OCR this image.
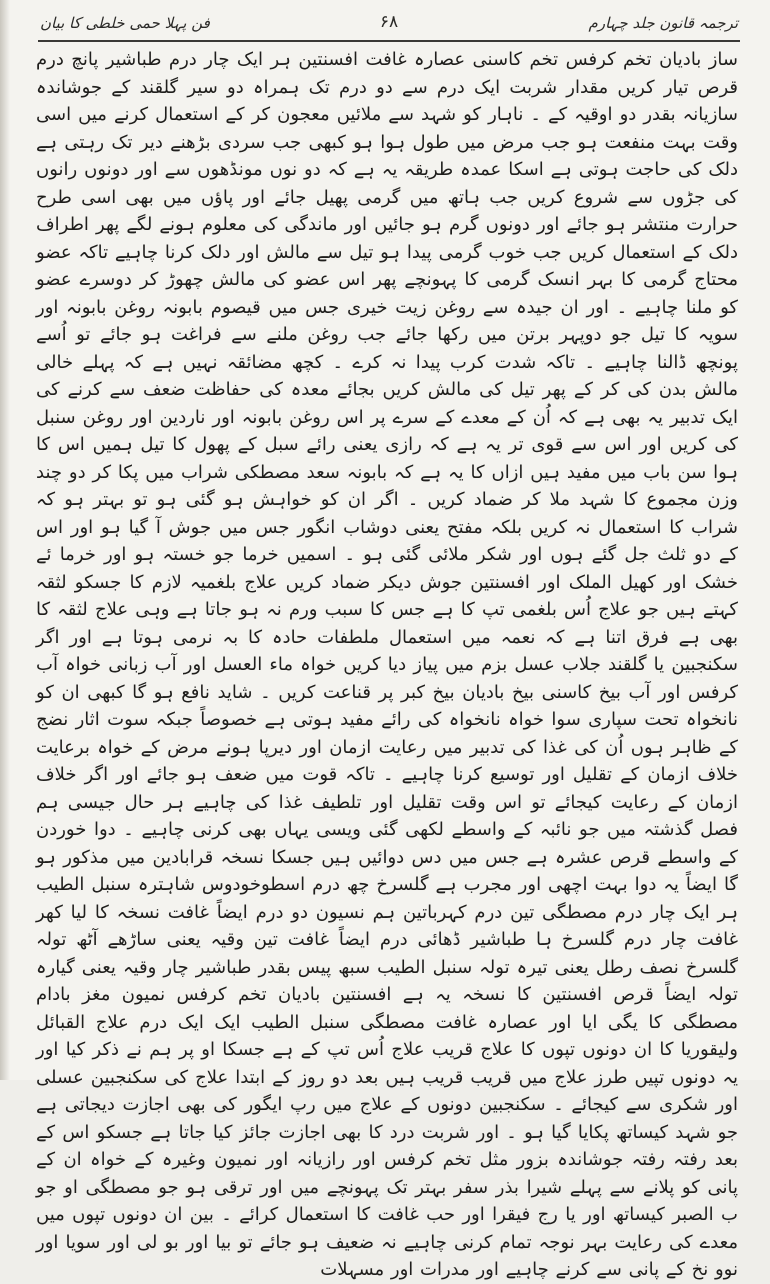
ترجمہ قانون جلد چہارم
۶۸
فن پہلا حمی خلطی کا بیان

ساز بادیان تخم کرفس تخم کاسنی عصارہ غافت افسنتین ہر ایک چار درم طباشیر پانچ درم قرص تیار کریں مقدار شربت ایک درم سے دو درم تک ہمراہ دو سیر گلقند کے جوشاندہ سازیانہ بقدر دو اوقیہ کے ۔ ناہار کو شہد سے ملائیں معجون کر کے استعمال کرنے میں اسی وقت بہت منفعت ہو جب مرض میں طول ہوا ہو کبھی جب سردی بڑھنے دیر تک رہتی ہے دلک کی حاجت ہوتی ہے اسکا عمدہ طریقہ یہ ہے کہ دو نوں مونڈھوں سے اور دونوں رانوں کی جڑوں سے شروع کریں جب ہاتھ میں گرمی پھیل جائے اور پاؤں میں بھی اسی طرح حرارت منتشر ہو جائے اور دونوں گرم ہو جائیں اور ماندگی کی معلوم ہونے لگے پھر اطراف دلک کے استعمال کریں جب خوب گرمی پیدا ہو تیل سے مالش اور دلک کرنا چاہیے تاکہ عضو محتاج گرمی کا بہر انسک گرمی کا پہونچے پھر اس عضو کی مالش چھوڑ کر دوسرے عضو کو ملنا چاہیے ۔ اور ان جیدہ سے روغن زیت خیری جس میں قیصوم بابونہ روغن بابونہ اور سویہ کا تیل جو دوپہر برتن میں رکھا جائے جب روغن ملنے سے فراغت ہو جائے تو اُسے پونچھ ڈالنا چاہیے ۔ تاکہ شدت کرب پیدا نہ کرے ۔ کچھ مضائقہ نہیں ہے کہ پہلے خالی مالش بدن کی کر کے پھر تیل کی مالش کریں بجائے معدہ کی حفاظت ضعف سے کرنے کی ایک تدبیر یہ بھی ہے کہ اُن کے معدے کے سرے پر اس روغن بابونہ اور ناردین اور روغن سنبل کی کریں اور اس سے قوی تر یہ ہے کہ رازی یعنی رائے سبل کے پھول کا تیل ہمیں اس کا ہوا سن باب میں مفید ہیں ازاں کا یہ ہے کہ بابونہ سعد مصطکی شراب میں پکا کر دو چند وزن مجموع کا شہد ملا کر ضماد کریں ۔ اگر ان کو خواہش ہو گئی ہو تو بہتر ہو کہ شراب کا استعمال نہ کریں بلکہ مفتح یعنی دوشاب انگور جس میں جوش آ گیا ہو اور اس کے دو ثلث جل گئے ہوں اور شکر ملائی گئی ہو ۔ اسمیں خرما جو خستہ ہو اور خرما ئے خشک اور کھیل الملک اور افسنتین جوش دیکر ضماد کریں علاج بلغمیہ لازم کا جسکو لثقہ کہتے ہیں جو علاج اُس بلغمی تپ کا ہے جس کا سبب ورم نہ ہو جاتا ہے وہی علاج لثقہ کا بھی ہے فرق اتنا ہے کہ نعمہ میں استعمال ملطفات حادہ کا بہ نرمی ہوتا ہے اور اگر سکنجبین یا گلقند جلاب عسل بزم میں پیاز دیا کریں خواہ ماء العسل اور آب زبانی خواہ آب کرفس اور آب بیخ کاسنی بیخ بادیان بیخ کبر پر قناعت کریں ۔ شاید نافع ہو گا کبھی ان کو نانخواہ تحت سپاری سوا خواہ نانخواہ کی رائے مفید ہوتی ہے خصوصاً جبکہ سوت اثار نضج کے ظاہر ہوں اُن کی غذا کی تدبیر میں رعایت ازمان اور دیرپا ہونے مرض کے خواہ برعایت خلاف ازمان کے تقلیل اور توسیع کرنا چاہیے ۔ تاکہ قوت میں ضعف ہو جائے اور اگر خلاف ازمان کے رعایت کیجائے تو اس وقت تقلیل اور تلطیف غذا کی چاہیے ہر حال جیسی ہم فصل گذشتہ میں جو نائبہ کے واسطے لکھی گئی ویسی یہاں بھی کرنی چاہیے ۔ دوا خوردن کے واسطے قرص عشرہ ہے جس میں دس دوائیں ہیں جسکا نسخہ قرابادین میں مذکور ہو گا ایضاً یہ دوا بہت اچھی اور مجرب ہے گلسرخ چھ درم اسطوخودوس شاہترہ سنبل الطیب ہر ایک چار درم مصطگی تین درم کہرباتین ہم نسیون دو درم ایضاً غافت نسخہ کا لیا کھر غافت چار درم گلسرخ ہا طباشیر ڈھائی درم ایضاً غافت تین وقیہ یعنی ساڑھے آٹھ تولہ گلسرخ نصف رطل یعنی تیرہ تولہ سنبل الطیب سبھ پیس بقدر طباشیر چار وقیہ یعنی گیارہ تولہ ایضاً قرص افسنتین کا نسخہ یہ ہے افسنتین بادیان تخم کرفس نمیون مغز بادام مصطگی کا یگی ایا اور عصارہ غافت مصطگی سنبل الطیب ایک ایک درم علاج القبائل ولیقوریا کا ان دونوں تپوں کا علاج قریب علاج اُس تپ کے ہے جسکا او پر ہم نے ذکر کیا اور یہ دونوں تپیں طرز علاج میں قریب قریب ہیں بعد دو روز کے ابتدا علاج کی سکنجبین عسلی اور شکری سے کیجائے ۔ سکنجبین دونوں کے علاج میں رپ ایگور کی بھی اجازت دیجاتی ہے جو شہد کیساتھ پکایا گیا ہو ۔ اور شربت درد کا بھی اجازت جائز کیا جاتا ہے جسکو اس کے بعد رفتہ رفتہ جوشاندہ بزور مثل تخم کرفس اور رازیانہ اور نمیون وغیرہ کے خواہ ان کے پانی کو پلانے سے پہلے شیرا بذر سفر بہتر تک پہونچے میں اور ترقی ہو جو مصطگی او جو ب الصبر کیساتھ اور یا رج فیقرا اور حب غافت کا استعمال کرائے ۔ بین ان دونوں تپوں میں معدے کی رعایت بہر نوجہ تمام کرنی چاہیے نہ ضعیف ہو جائے تو بیا اور بو لی اور سویا اور نوو نخ کے پانی سے کرنے چاہیے اور مدرات اور مسہلات
